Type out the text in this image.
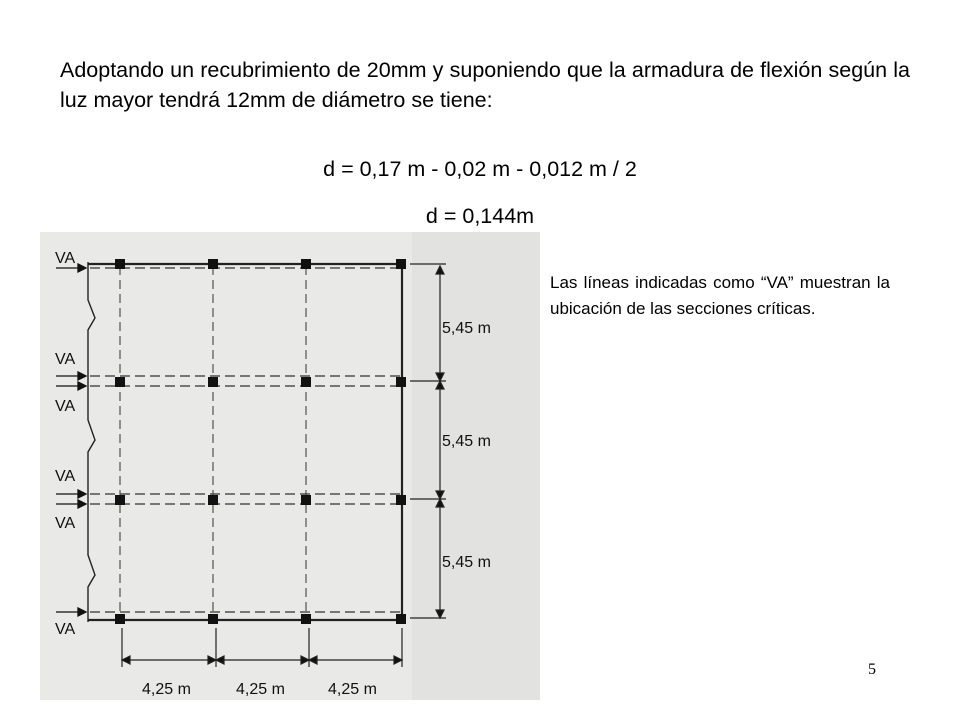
Adoptando un recubrimiento de 20mm y suponiendo que la armadura de flexión según la luz mayor tendrá 12mm de diámetro se tiene:
d = 0,17 m - 0,02 m - 0,012 m / 2
d = 0,144m
VA
VA
VA
VA
VA
VA
5,45 m
5,45 m
5,45 m
4,25 m	4,25 m	4,25 m
Las líneas indicadas como “VA” muestran la ubicación de las secciones críticas.
5
